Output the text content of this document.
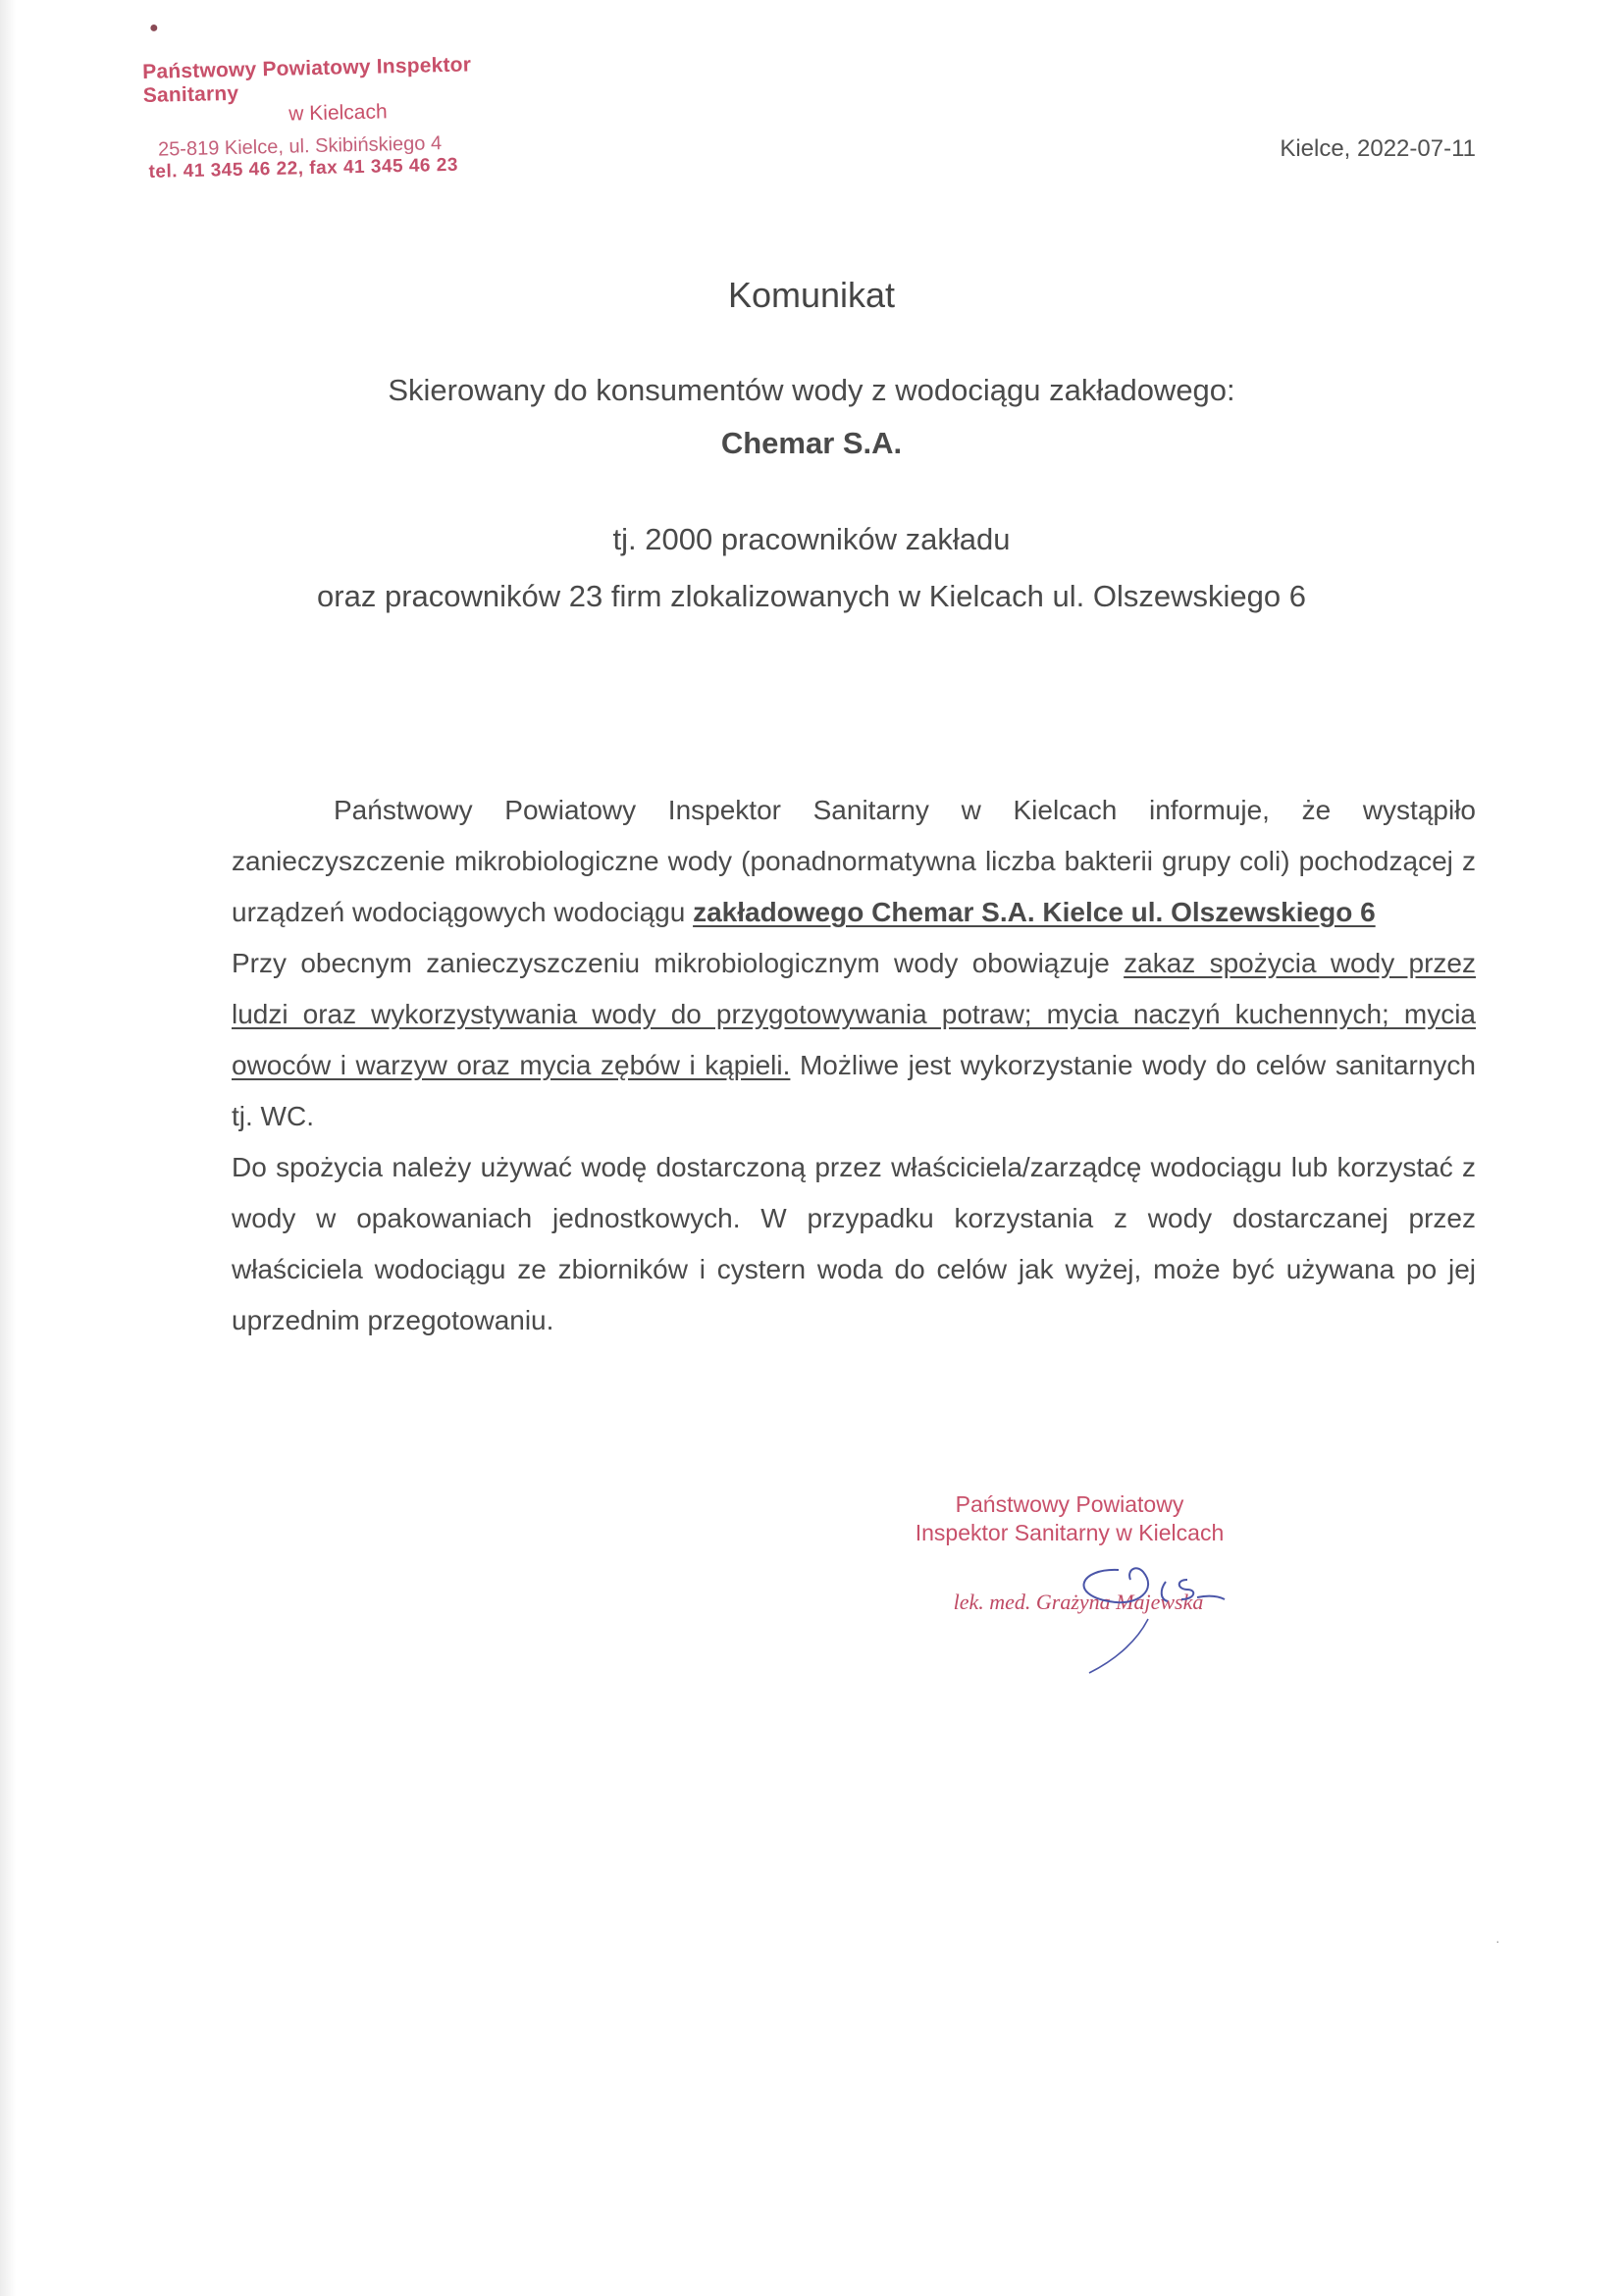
●
Państwowy Powiatowy Inspektor Sanitarny
w Kielcach
25-819 Kielce, ul. Skibińskiego 4
tel. 41 345 46 22, fax 41 345 46 23
Kielce, 2022-07-11
Komunikat
Skierowany do konsumentów wody z wodociągu zakładowego:
Chemar S.A.
tj. 2000 pracowników zakładu
oraz pracowników 23 firm zlokalizowanych w Kielcach ul. Olszewskiego 6

Państwowy Powiatowy Inspektor Sanitarny w Kielcach informuje, że wystąpiło zanieczyszczenie mikrobiologiczne wody (ponadnormatywna liczba bakterii grupy coli) pochodzącej z urządzeń wodociągowych wodociągu zakładowego Chemar S.A. Kielce ul. Olszewskiego 6

Przy obecnym zanieczyszczeniu mikrobiologicznym wody obowiązuje zakaz spożycia wody przez ludzi oraz wykorzystywania wody do przygotowywania potraw; mycia naczyń kuchennych; mycia owoców i warzyw oraz mycia zębów i kąpieli. Możliwe jest wykorzystanie wody do celów sanitarnych tj. WC.

Do spożycia należy używać wodę dostarczoną przez właściciela/zarządcę wodociągu lub korzystać z wody w opakowaniach jednostkowych. W przypadku korzystania z wody dostarczanej przez właściciela wodociągu ze zbiorników i cystern woda do celów jak wyżej, może być używana po jej uprzednim przegotowaniu.

Państwowy Powiatowy
Inspektor Sanitarny w Kielcach
lek. med. Grażyna Majewska
·
